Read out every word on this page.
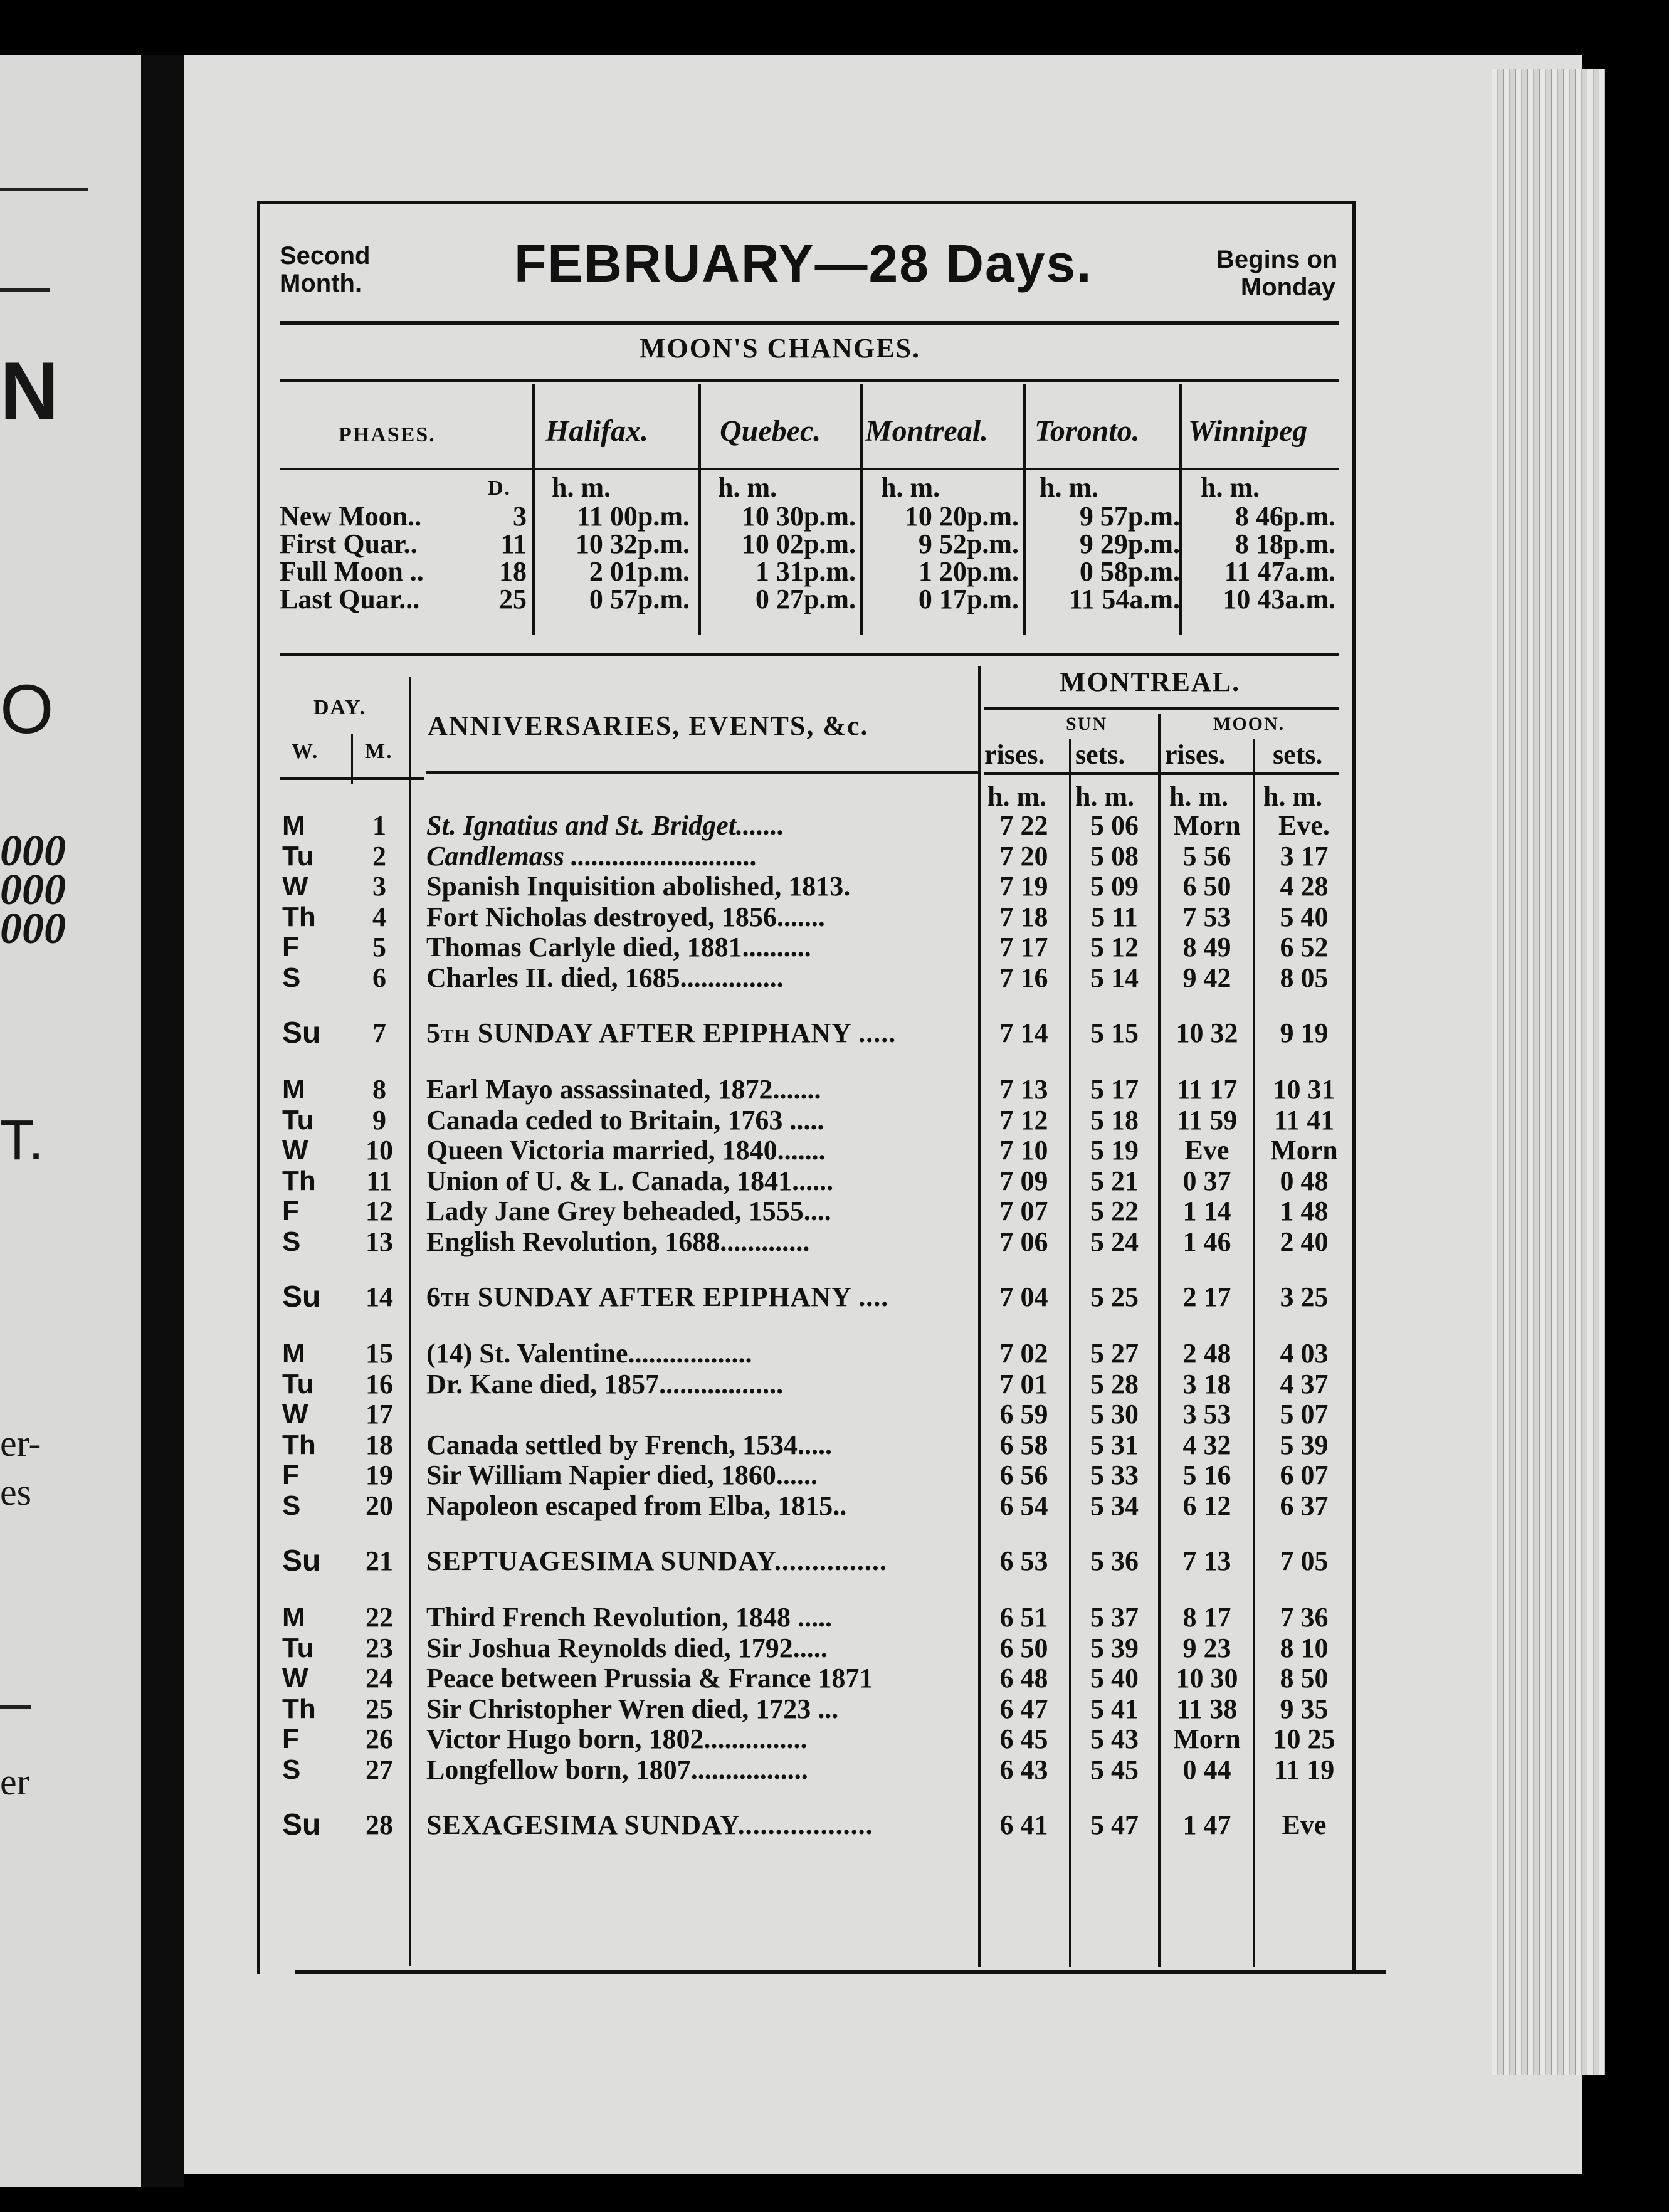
N
O
000
000
000
T.
er-
es
er
Second
Month.	FEBRUARY—28 Days.	Begins on
Monday
MOON'S CHANGES.
PHASES.	Halifax. Quebec. Montreal. Toronto. Winnipeg
D. h. m.	h. m.	h. m.	h. m.	h. m.
New Moon..	3	11 00p.m.	10 30p.m.	10 20p.m.	9 57p.m.	8 46p.m.
First Quar..	11	10 32p.m.	10 02p.m.	9 52p.m.	9 29p.m.	8 18p.m.
Full Moon ..	18	2 01p.m.	1 31p.m.	1 20p.m.	0 58p.m.	11 47a.m.
Last Quar...	25	0 57p.m.	0 27p.m.	0 17p.m.	11 54a.m.	10 43a.m.
DAY.
W. M.
ANNIVERSARIES, EVENTS, &c.
MONTREAL.
SUN	MOON.
rises. sets. rises. sets.
h. m. h. m. h. m. h. m.
M	1	St. Ignatius and St. Bridget.......	7 22	5 06	Morn	Eve.
Tu	2	Candlemass ...........................	7 20	5 08	5 56	3 17
W	3	Spanish Inquisition abolished, 1813.	7 19	5 09	6 50	4 28
Th	4	Fort Nicholas destroyed, 1856.......	7 18	5 11	7 53	5 40
F	5	Thomas Carlyle died, 1881..........	7 17	5 12	8 49	6 52
S	6	Charles II. died, 1685...............	7 16	5 14	9 42	8 05
Su	7	5th SUNDAY AFTER EPIPHANY .....	7 14	5 15	10 32	9 19
M	8	Earl Mayo assassinated, 1872.......	7 13	5 17	11 17	10 31
Tu	9	Canada ceded to Britain, 1763 .....	7 12	5 18	11 59	11 41
W 10 Queen Victoria married, 1840.......	7 10	5 19	Eve	Morn
Th	11	Union of U. & L. Canada, 1841......	7 09	5 21	0 37	0 48
F 12 Lady Jane Grey beheaded, 1555....	7 07	5 22	1 14	1 48
S 13 English Revolution, 1688.............	7 06	5 24	1 46	2 40
Su 14 6th SUNDAY AFTER EPIPHANY ....	7 04	5 25	2 17	3 25
M 15 (14) St. Valentine..................	7 02	5 27	2 48	4 03
Tu 16 Dr. Kane died, 1857..................	7 01	5 28	3 18	4 37
W 17	6 59	5 30	3 53	5 07
Th 18 Canada settled by French, 1534.....	6 58	5 31	4 32	5 39
F 19 Sir William Napier died, 1860......	6 56	5 33	5 16	6 07
S 20 Napoleon escaped from Elba, 1815..	6 54	5 34	6 12	6 37
Su 21 SEPTUAGESIMA SUNDAY...............	6 53	5 36	7 13	7 05
M 22 Third French Revolution, 1848 .....	6 51	5 37	8 17	7 36
Tu 23 Sir Joshua Reynolds died, 1792.....	6 50	5 39	9 23	8 10
W 24 Peace between Prussia & France 1871	6 48	5 40	10 30	8 50
Th 25 Sir Christopher Wren died, 1723 ...	6 47	5 41	11 38	9 35
F 26 Victor Hugo born, 1802...............	6 45	5 43	Morn	10 25
S 27 Longfellow born, 1807.................	6 43	5 45	0 44	11 19
Su 28 SEXAGESIMA SUNDAY..................	6 41	5 47	1 47	Eve
